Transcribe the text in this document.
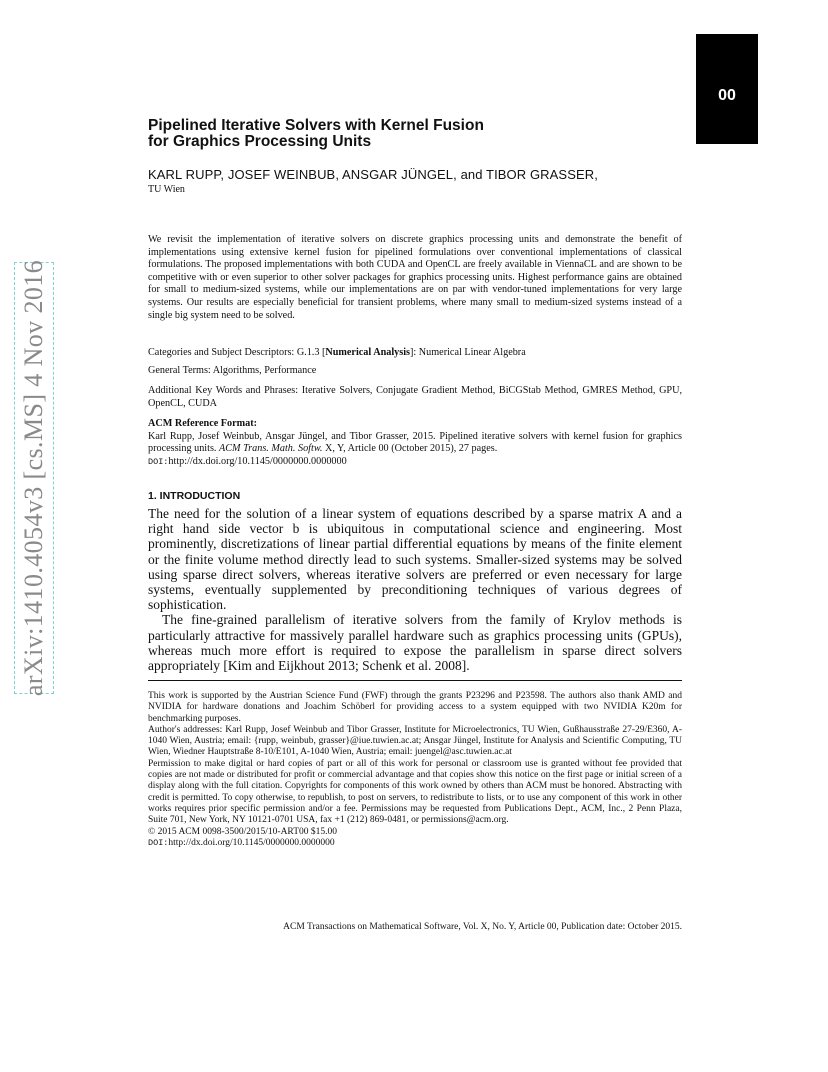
00
arXiv:1410.4054v3 [cs.MS] 4 Nov 2016
Pipelined Iterative Solvers with Kernel Fusion
for Graphics Processing Units
KARL RUPP, JOSEF WEINBUB, ANSGAR JÜNGEL, and TIBOR GRASSER,
TU Wien
We revisit the implementation of iterative solvers on discrete graphics processing units and demonstrate the benefit of implementations using extensive kernel fusion for pipelined formulations over conventional implementations of classical formulations. The proposed implementations with both CUDA and OpenCL are freely available in ViennaCL and are shown to be competitive with or even superior to other solver packages for graphics processing units. Highest performance gains are obtained for small to medium-sized systems, while our implementations are on par with vendor-tuned implementations for very large systems. Our results are especially beneficial for transient problems, where many small to medium-sized systems instead of a single big system need to be solved.
Categories and Subject Descriptors: G.1.3 [Numerical Analysis]: Numerical Linear Algebra
General Terms: Algorithms, Performance
Additional Key Words and Phrases: Iterative Solvers, Conjugate Gradient Method, BiCGStab Method, GMRES Method, GPU, OpenCL, CUDA
ACM Reference Format:
Karl Rupp, Josef Weinbub, Ansgar Jüngel, and Tibor Grasser, 2015. Pipelined iterative solvers with kernel fusion for graphics processing units. ACM Trans. Math. Softw. X, Y, Article 00 (October 2015), 27 pages.
DOI:http://dx.doi.org/10.1145/0000000.0000000
1. INTRODUCTION

The need for the solution of a linear system of equations described by a sparse matrix A and a right hand side vector b is ubiquitous in computational science and engineering. Most prominently, discretizations of linear partial differential equations by means of the finite element or the finite volume method directly lead to such systems. Smaller-sized systems may be solved using sparse direct solvers, whereas iterative solvers are preferred or even necessary for large systems, eventually supplemented by preconditioning techniques of various degrees of sophistication.

The fine-grained parallelism of iterative solvers from the family of Krylov methods is particularly attractive for massively parallel hardware such as graphics processing units (GPUs), whereas much more effort is required to expose the parallelism in sparse direct solvers appropriately [Kim and Eijkhout 2013; Schenk et al. 2008].

This work is supported by the Austrian Science Fund (FWF) through the grants P23296 and P23598. The authors also thank AMD and NVIDIA for hardware donations and Joachim Schöberl for providing access to a system equipped with two NVIDIA K20m for benchmarking purposes.

Author's addresses: Karl Rupp, Josef Weinbub and Tibor Grasser, Institute for Microelectronics, TU Wien, Gußhausstraße 27-29/E360, A-1040 Wien, Austria; email: {rupp, weinbub, grasser}@iue.tuwien.ac.at; Ansgar Jüngel, Institute for Analysis and Scientific Computing, TU Wien, Wiedner Hauptstraße 8-10/E101, A-1040 Wien, Austria; email: juengel@asc.tuwien.ac.at

Permission to make digital or hard copies of part or all of this work for personal or classroom use is granted without fee provided that copies are not made or distributed for profit or commercial advantage and that copies show this notice on the first page or initial screen of a display along with the full citation. Copyrights for components of this work owned by others than ACM must be honored. Abstracting with credit is permitted. To copy otherwise, to republish, to post on servers, to redistribute to lists, or to use any component of this work in other works requires prior specific permission and/or a fee. Permissions may be requested from Publications Dept., ACM, Inc., 2 Penn Plaza, Suite 701, New York, NY 10121-0701 USA, fax +1 (212) 869-0481, or permissions@acm.org.

© 2015 ACM 0098-3500/2015/10-ART00 $15.00

DOI:http://dx.doi.org/10.1145/0000000.0000000

ACM Transactions on Mathematical Software, Vol. X, No. Y, Article 00, Publication date: October 2015.
